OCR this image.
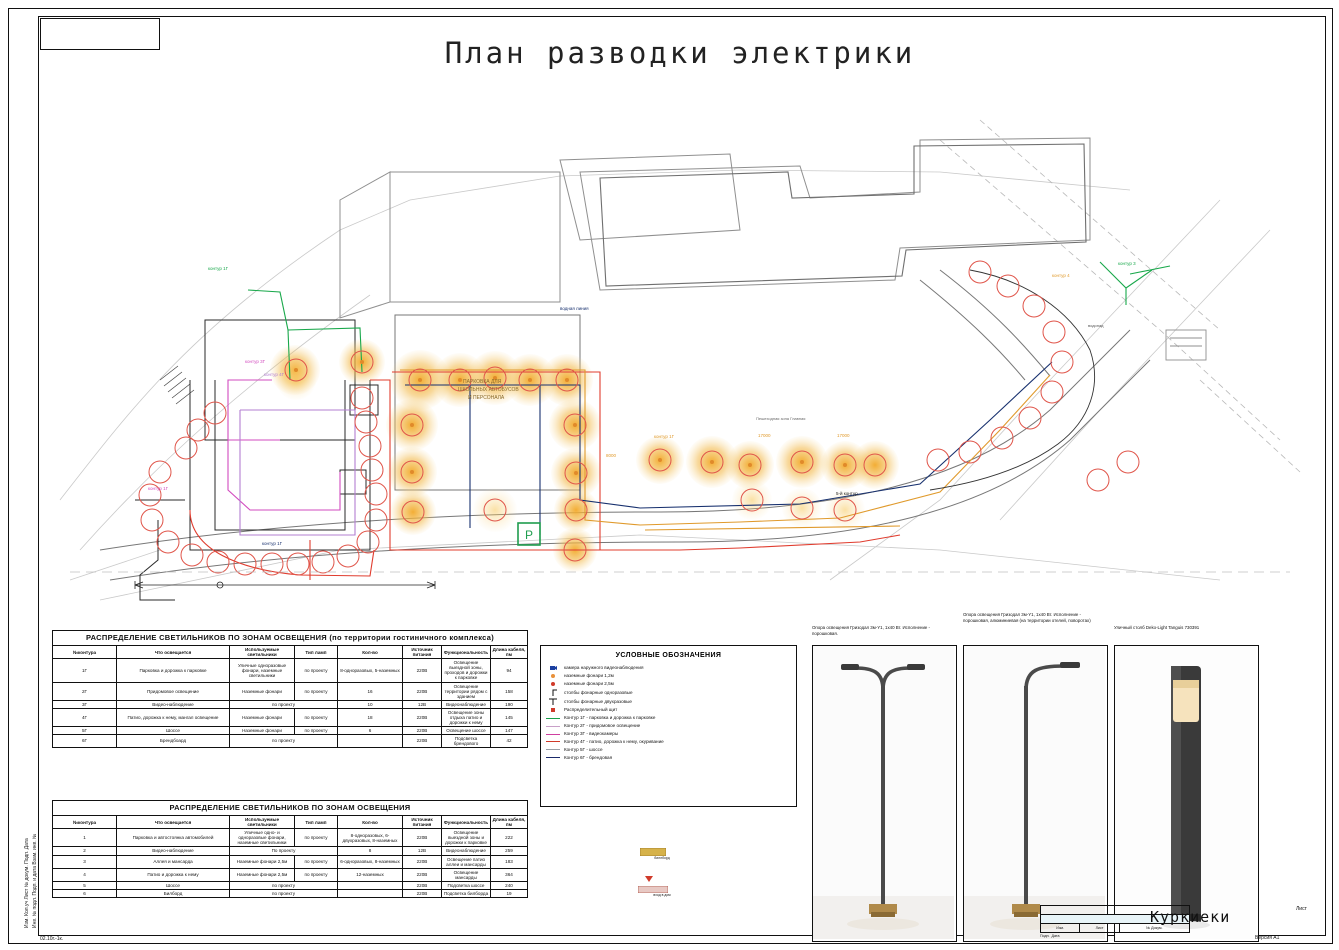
План разводки электрики
Изм. Кол.уч Лист № докум. Подп. Дата Инв. № подл. Подп. и дата Взам. инв. №
P
ПАРКОВКА ДЛЯ
ШКОЛЬНЫХ АВТОБУСОВ
И ПЕРСОНАЛА
Пешеходная зона Главная
контур 1Г
контур 3Г
контур 4Г
контур 1Г
контур 1Г
контур 1Г
5-й контур
водная линия
контур 4
контур 3
водопад
17000	17000
8000
РАСПРЕДЕЛЕНИЕ СВЕТИЛЬНИКОВ ПО ЗОНАМ ОСВЕЩЕНИЯ (по территории гостиничного комплекса)							
№контура	Что освещается	Используемые светильники	Тип ламп	Кол-во	Источник питания	Функциональность	Длина кабеля, пм
1Г	Парковка и дорожка к парковке	Уличные одноразовые фонари, наземные светильники	по проекту	8-одноразовых, 5-наземных	220В	Освещение выездной зоны, проходов и дорожки к парковке	94
2Г	Придомовое освещение	Наземные фонари	по проекту	16	220В	Освещение территории рядом с зданием	158
3Г	Видео-наблюдение	по проекту		10	12В	Видеонаблюдение	190
4Г	Патио, дорожка к нему, мангал освещение	Наземные фонари	по проекту	18	220В	Освещение зоны отдыха патио и дорожки к нему	145
5Г	Шоссе	Наземные фонари	по проекту	6	220В	Освещение шоссе	147
6Г	Брендбоард	по проекту			220В	Подсветка брендового	42
РАСПРЕДЕЛЕНИЕ СВЕТИЛЬНИКОВ ПО ЗОНАМ ОСВЕЩЕНИЯ							
№контура	Что освещается	Используемые светильники	Тип ламп	Кол-во	Источник питания	Функциональность	Длина кабеля, пм
1	Парковка и автостоянка автомобилей	Уличные одно- и одноразовые фонари, наземные светильники	по проекту	8-одноразовых, 6-двухразовых, 8-наземных	220В	Освещение выездной зоны и дорожки к парковке	222
2	Видео-наблюдение	По проекту		8	12В	Видеонаблюдение	259
3	Аллея и мансарда	Наземные фонари 2,5м	по проекту	6-одноразовых, 8-наземных	220В	Освещение патио аллеи и мансарды	183
4	Патио и дорожка к нему	Наземные фонари 2,5м	по проекту	12-наземных	220В	Освещение мансарды	364
5	Шоссе	по проекту			220В	Подсветка шоссе	240
6	Билборд	по проекту			220В	Подсветка билборда	19
УСЛОВНЫЕ ОБОЗНАЧЕНИЯ
камера наружного видеонаблюдения
наземные фонари 1,2м
наземные фонари 2,5м
столбы фонарные одноразовые
столбы фонарные двухразовые
Распределительный щит
Контур 1Г - парковка и дорожка к парковке
Контур 2Г - придомовое освещение
Контур 3Г - видеокамеры
Контур 4Г - патио, дорожка к нему, окуривание
Контур 5Г - шоссе
Контур 6Г - брендовая
биллборд
вход в дом
Опора освещения Гризодал 3м-Y1, 1х40 Вт. Исполнение - порошковая.
Опора освещения Гризодал 3м-Y1, 1х40 Вт. Исполнение - порошковая, алюминиевая (на территории отелей, поворотах)
Уличный столб Deko-Light Tanguis 730391

Изм.	Лист	№ Докум.
Подп. Дата
Куркиеки
Версия А1
02.10г.-1к.
Лист
